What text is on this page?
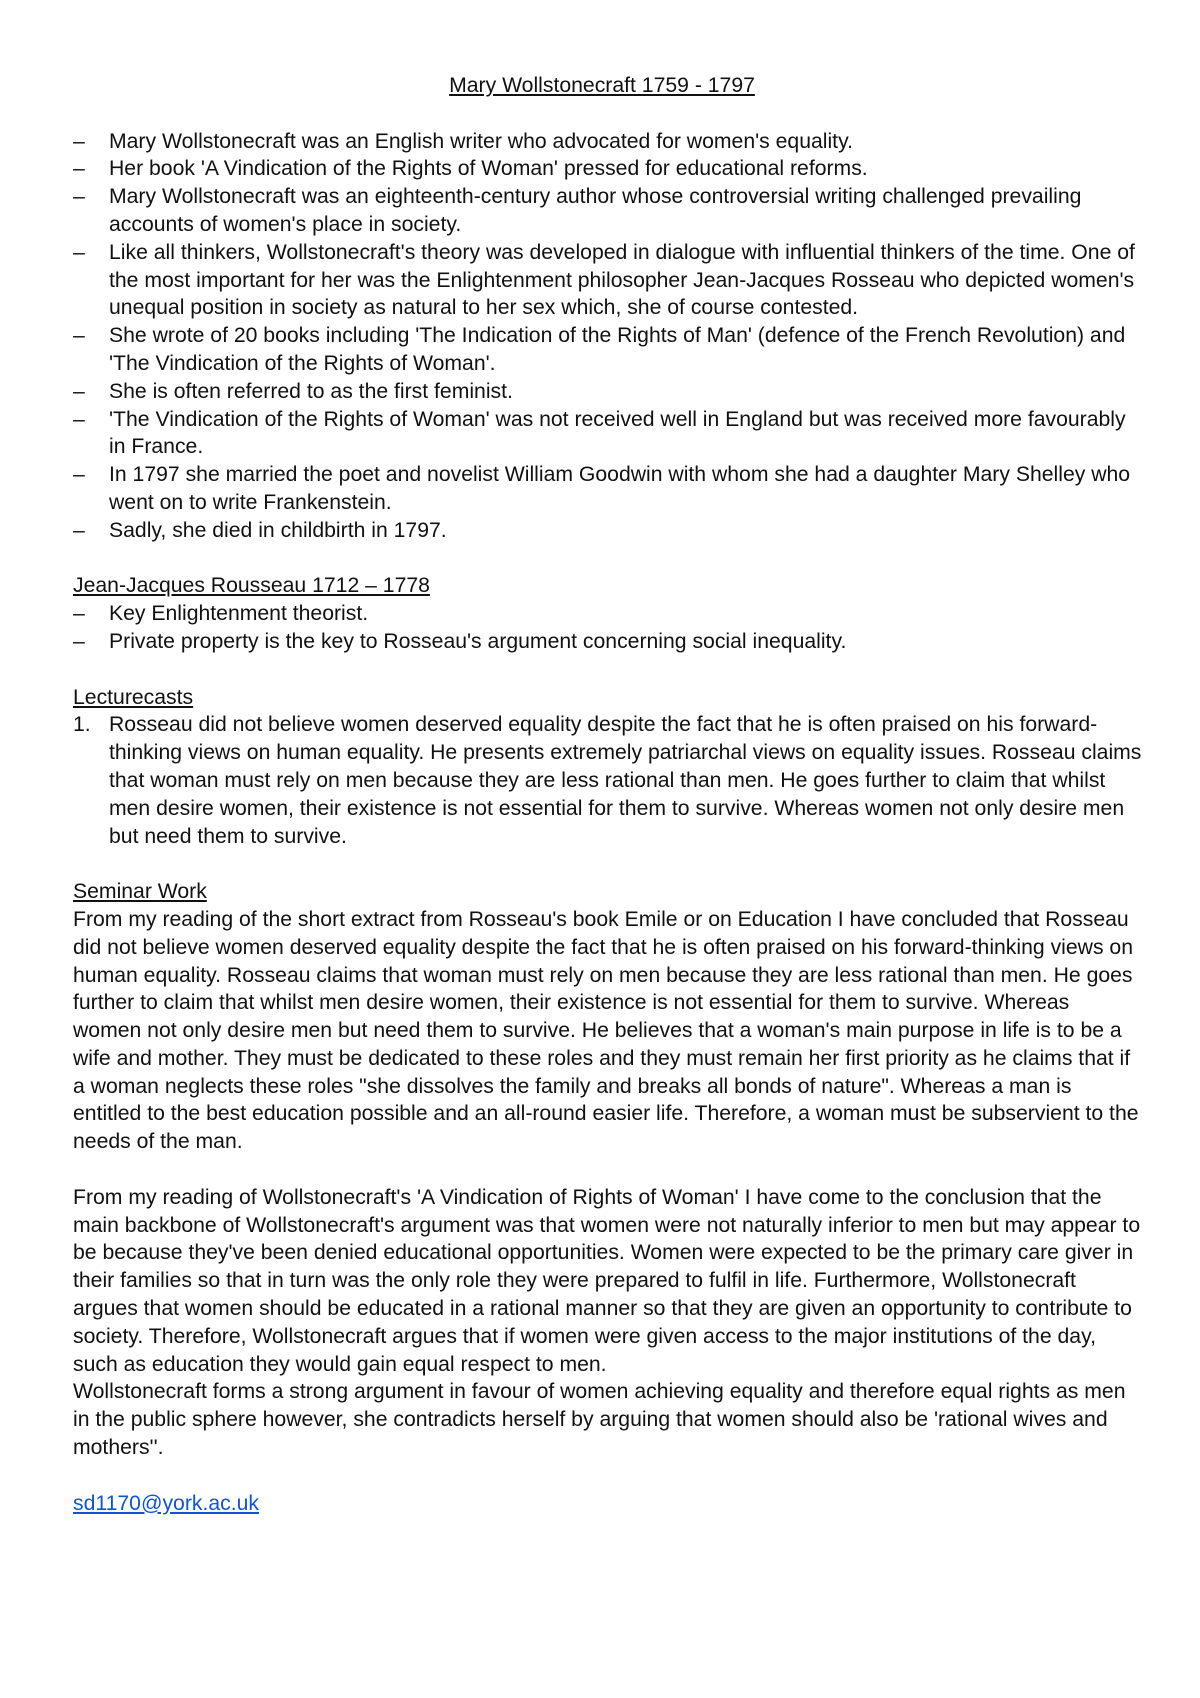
Mary Wollstonecraft 1759 - 1797
– Mary Wollstonecraft was an English writer who advocated for women's equality.
– Her book 'A Vindication of the Rights of Woman' pressed for educational reforms.
– Mary Wollstonecraft was an eighteenth-century author whose controversial writing challenged prevailing accounts of women's place in society.
– Like all thinkers, Wollstonecraft's theory was developed in dialogue with influential thinkers of the time. One of the most important for her was the Enlightenment philosopher Jean-Jacques Rosseau who depicted women's unequal position in society as natural to her sex which, she of course contested.
– She wrote of 20 books including 'The Indication of the Rights of Man' (defence of the French Revolution) and 'The Vindication of the Rights of Woman'.
– She is often referred to as the first feminist.
– 'The Vindication of the Rights of Woman' was not received well in England but was received more favourably in France.
– In 1797 she married the poet and novelist William Goodwin with whom she had a daughter Mary Shelley who went on to write Frankenstein.
– Sadly, she died in childbirth in 1797.
Jean-Jacques Rousseau 1712 – 1778
– Key Enlightenment theorist.
– Private property is the key to Rosseau's argument concerning social inequality.
Lecturecasts
1. Rosseau did not believe women deserved equality despite the fact that he is often praised on his forward-thinking views on human equality. He presents extremely patriarchal views on equality issues. Rosseau claims that woman must rely on men because they are less rational than men. He goes further to claim that whilst men desire women, their existence is not essential for them to survive. Whereas women not only desire men but need them to survive.
Seminar Work

From my reading of the short extract from Rosseau's book Emile or on Education I have concluded that Rosseau did not believe women deserved equality despite the fact that he is often praised on his forward-thinking views on human equality. Rosseau claims that woman must rely on men because they are less rational than men. He goes further to claim that whilst men desire women, their existence is not essential for them to survive. Whereas women not only desire men but need them to survive. He believes that a woman's main purpose in life is to be a wife and mother. They must be dedicated to these roles and they must remain her first priority as he claims that if a woman neglects these roles "she dissolves the family and breaks all bonds of nature". Whereas a man is entitled to the best education possible and an all-round easier life. Therefore, a woman must be subservient to the needs of the man.

From my reading of Wollstonecraft's 'A Vindication of Rights of Woman' I have come to the conclusion that the main backbone of Wollstonecraft's argument was that women were not naturally inferior to men but may appear to be because they've been denied educational opportunities. Women were expected to be the primary care giver in their families so that in turn was the only role they were prepared to fulfil in life. Furthermore, Wollstonecraft argues that women should be educated in a rational manner so that they are given an opportunity to contribute to society. Therefore, Wollstonecraft argues that if women were given access to the major institutions of the day, such as education they would gain equal respect to men.

Wollstonecraft forms a strong argument in favour of women achieving equality and therefore equal rights as men in the public sphere however, she contradicts herself by arguing that women should also be 'rational wives and mothers''.

sd1170@york.ac.uk
